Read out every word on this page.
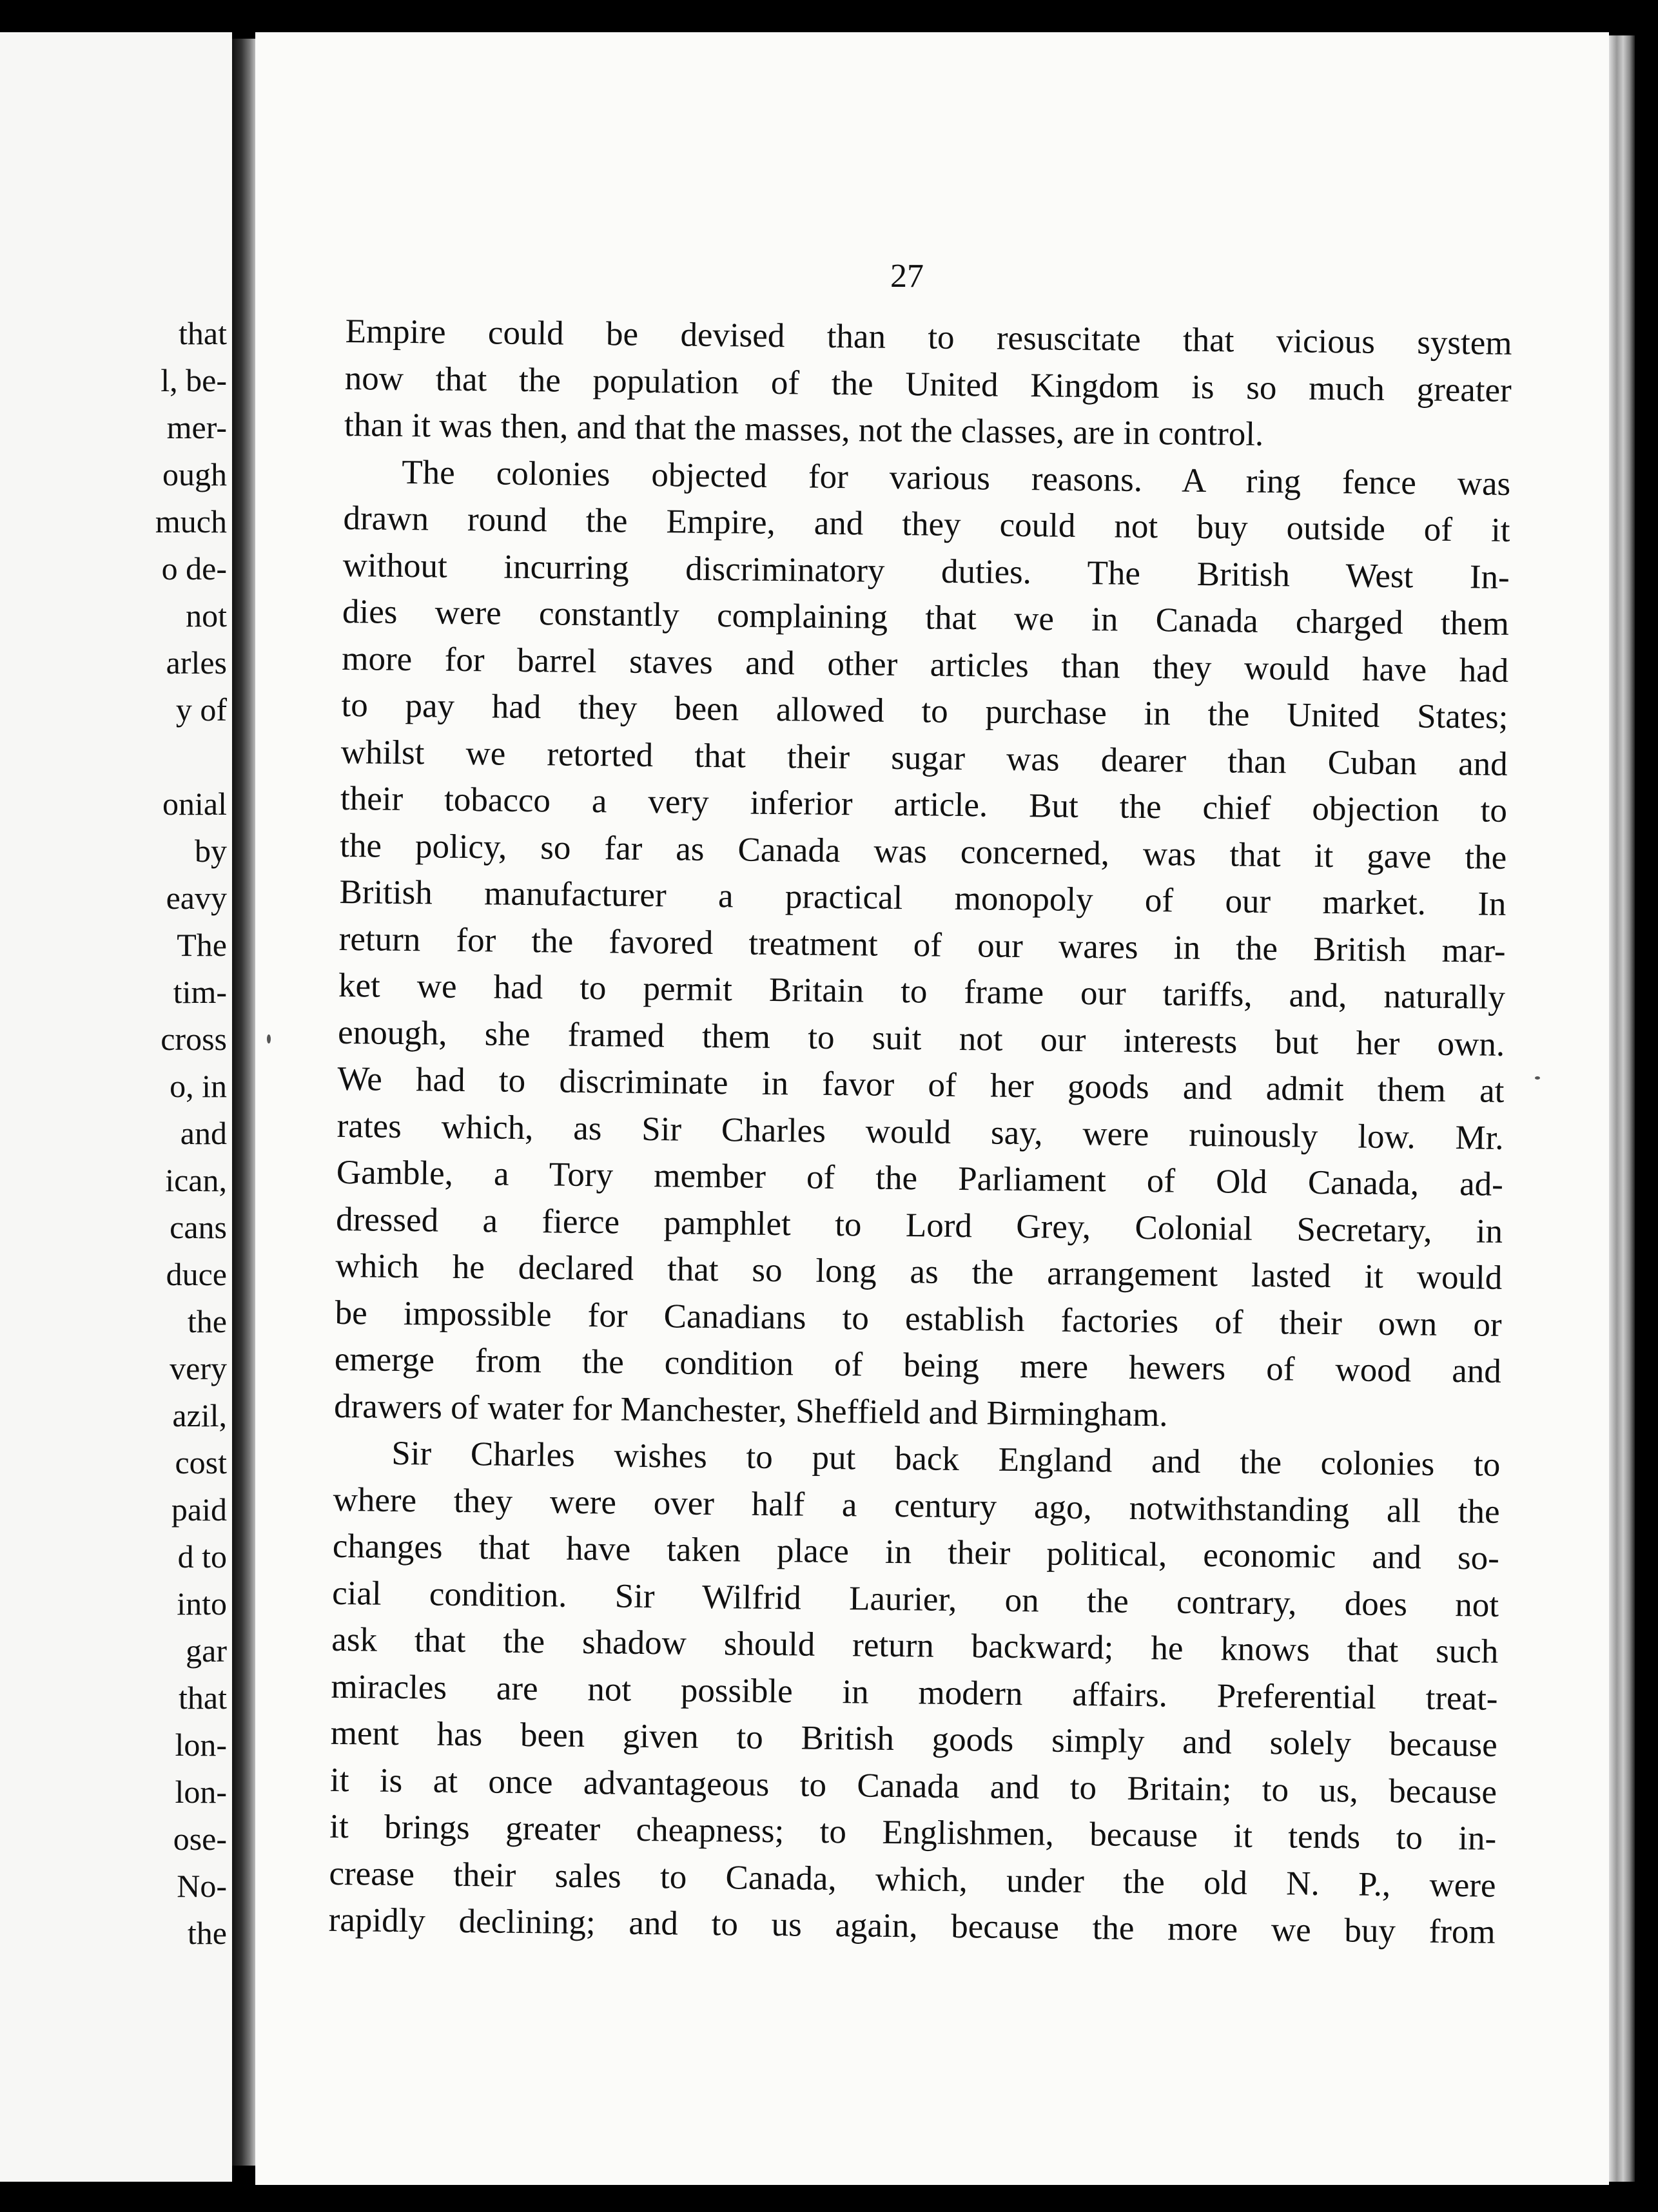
that
l, be-
mer-
ough
much
o de-
not
arles
y of
onial
by
eavy
The
tim-
cross
o, in
and
ican,
cans
duce
the
very
azil,
cost
paid
d to
into
gar
that
lon-
lon-
ose-
No-
the
27
Empire could be devised than to resuscitate that vicious system
now that the population of the United Kingdom is so much greater
than it was then, and that the masses, not the classes, are in control.
The colonies objected for various reasons. A ring fence was
drawn round the Empire, and they could not buy outside of it
without incurring discriminatory duties. The British West In-
dies were constantly complaining that we in Canada charged them
more for barrel staves and other articles than they would have had
to pay had they been allowed to purchase in the United States;
whilst we retorted that their sugar was dearer than Cuban and
their tobacco a very inferior article. But the chief objection to
the policy, so far as Canada was concerned, was that it gave the
British manufacturer a practical monopoly of our market. In
return for the favored treatment of our wares in the British mar-
ket we had to permit Britain to frame our tariffs, and, naturally
enough, she framed them to suit not our interests but her own.
We had to discriminate in favor of her goods and admit them at
rates which, as Sir Charles would say, were ruinously low. Mr.
Gamble, a Tory member of the Parliament of Old Canada, ad-
dressed a fierce pamphlet to Lord Grey, Colonial Secretary, in
which he declared that so long as the arrangement lasted it would
be impossible for Canadians to establish factories of their own or
emerge from the condition of being mere hewers of wood and
drawers of water for Manchester, Sheffield and Birmingham.
Sir Charles wishes to put back England and the colonies to
where they were over half a century ago, notwithstanding all the
changes that have taken place in their political, economic and so-
cial condition. Sir Wilfrid Laurier, on the contrary, does not
ask that the shadow should return backward; he knows that such
miracles are not possible in modern affairs. Preferential treat-
ment has been given to British goods simply and solely because
it is at once advantageous to Canada and to Britain; to us, because
it brings greater cheapness; to Englishmen, because it tends to in-
crease their sales to Canada, which, under the old N. P., were
rapidly declining; and to us again, because the more we buy from
